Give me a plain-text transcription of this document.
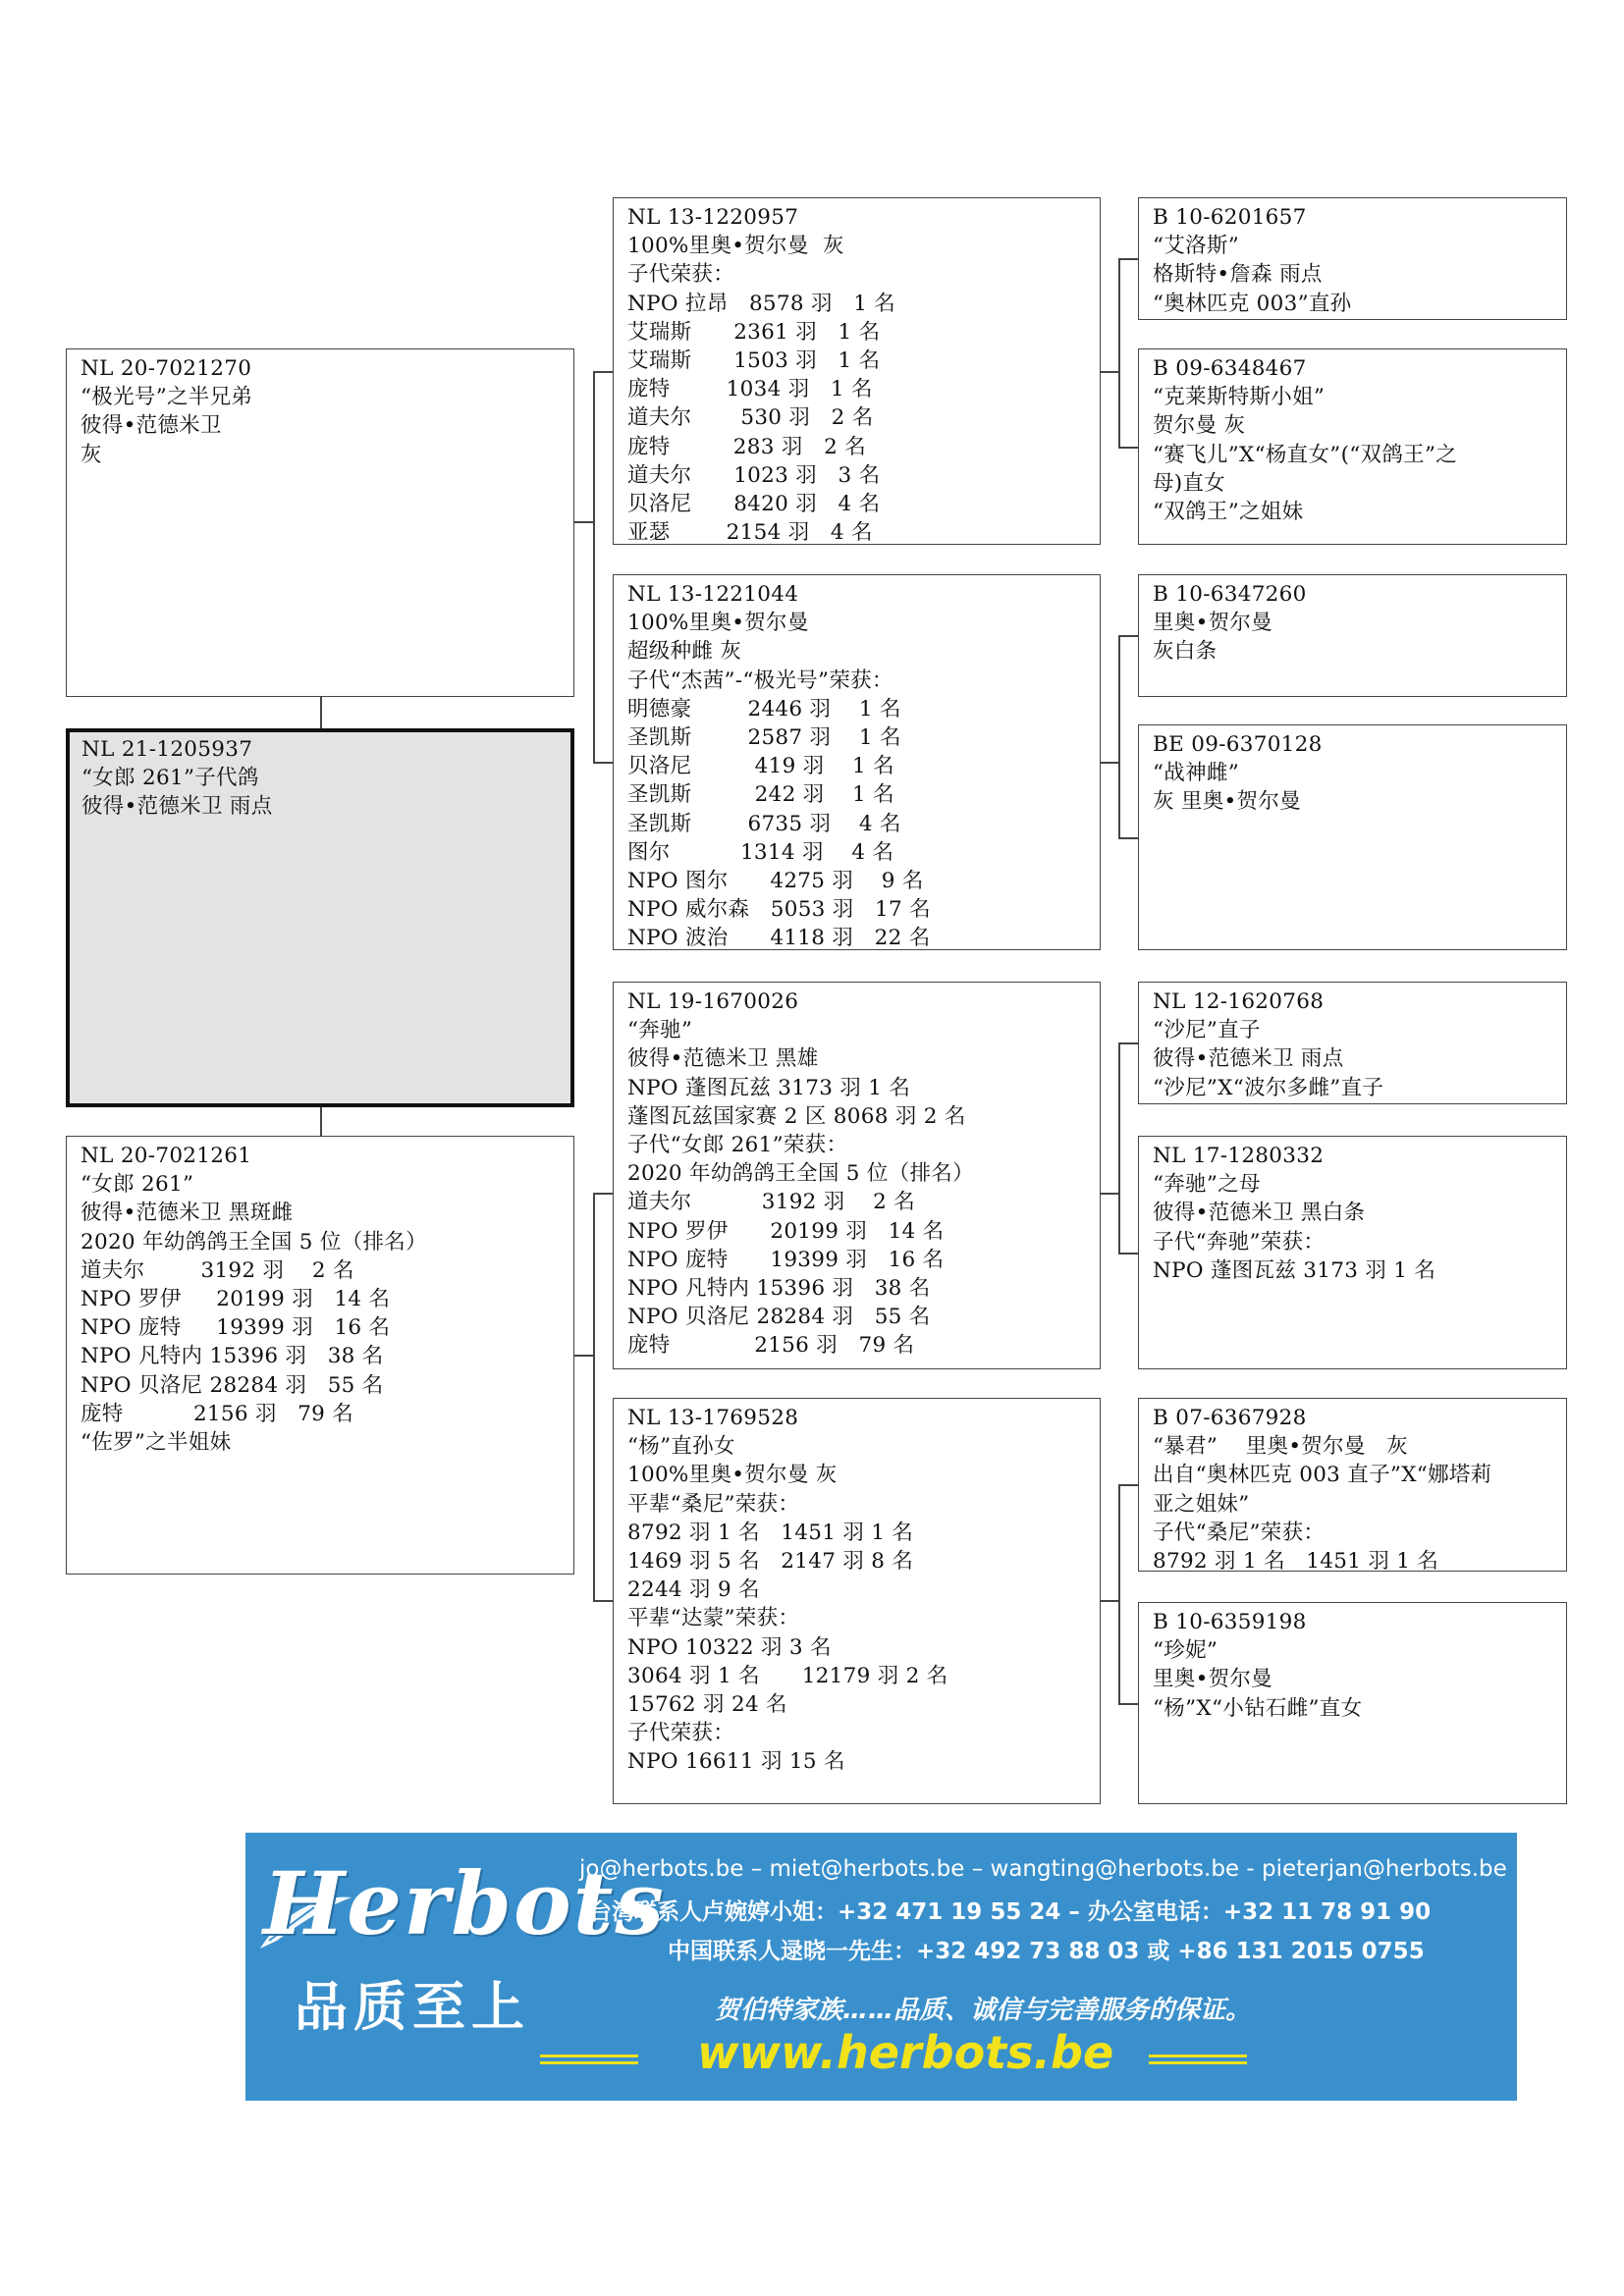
NL 21-1205937
“女郎 261”子代鸽
彼得•范德米卫 雨点
NL 20-7021270
“极光号”之半兄弟
彼得•范德米卫
灰
NL 20-7021261
“女郎 261”
彼得•范德米卫 黑斑雌
2020 年幼鸽鸽王全国 5 位（排名）
道夫尔        3192 羽    2 名
NPO 罗伊     20199 羽   14 名
NPO 庞特     19399 羽   16 名
NPO 凡特内 15396 羽   38 名
NPO 贝洛尼 28284 羽   55 名
庞特          2156 羽   79 名
“佐罗”之半姐妹
NL 13-1220957
100%里奥•贺尔曼  灰
子代荣获：
NPO 拉昂   8578 羽   1 名
艾瑞斯      2361 羽   1 名
艾瑞斯      1503 羽   1 名
庞特        1034 羽   1 名
道夫尔       530 羽   2 名
庞特         283 羽   2 名
道夫尔      1023 羽   3 名
贝洛尼      8420 羽   4 名
亚瑟        2154 羽   4 名
NL 13-1221044
100%里奥•贺尔曼
超级种雌 灰
子代“杰茜”-“极光号”荣获：
明德豪        2446 羽    1 名
圣凯斯        2587 羽    1 名
贝洛尼         419 羽    1 名
圣凯斯         242 羽    1 名
圣凯斯        6735 羽    4 名
图尔          1314 羽    4 名
NPO 图尔      4275 羽    9 名
NPO 威尔森   5053 羽   17 名
NPO 波治      4118 羽   22 名
NL 19-1670026
“奔驰”
彼得•范德米卫 黑雄
NPO 蓬图瓦兹 3173 羽 1 名
蓬图瓦兹国家赛 2 区 8068 羽 2 名
子代“女郎 261”荣获：
2020 年幼鸽鸽王全国 5 位（排名）
道夫尔          3192 羽    2 名
NPO 罗伊      20199 羽   14 名
NPO 庞特      19399 羽   16 名
NPO 凡特内 15396 羽   38 名
NPO 贝洛尼 28284 羽   55 名
庞特            2156 羽   79 名
NL 13-1769528
“杨”直孙女
100%里奥•贺尔曼 灰
平辈“桑尼”荣获：
8792 羽 1 名   1451 羽 1 名
1469 羽 5 名   2147 羽 8 名
2244 羽 9 名
平辈“达蒙”荣获：
NPO 10322 羽 3 名
3064 羽 1 名      12179 羽 2 名
15762 羽 24 名
子代荣获：
NPO 16611 羽 15 名
B 10-6201657
“艾洛斯”
格斯特•詹森 雨点
“奥林匹克 003”直孙
B 09-6348467
“克莱斯特斯小姐”
贺尔曼 灰
“赛飞儿”X“杨直女”(“双鸽王”之
母)直女
“双鸽王”之姐妹
B 10-6347260
里奥•贺尔曼
灰白条
BE 09-6370128
“战神雌”
灰 里奥•贺尔曼
NL 12-1620768
“沙尼”直子
彼得•范德米卫 雨点
“沙尼”X“波尔多雌”直子
NL 17-1280332
“奔驰”之母
彼得•范德米卫 黑白条
子代“奔驰”荣获：
NPO 蓬图瓦兹 3173 羽 1 名
B 07-6367928
“暴君”    里奥•贺尔曼   灰
出自“奥林匹克 003 直子”X“娜塔莉
亚之姐妹”
子代“桑尼”荣获：
8792 羽 1 名   1451 羽 1 名
B 10-6359198
“珍妮”
里奥•贺尔曼
“杨”X“小钻石雌”直女
Herbots
品质至上
jo@herbots.be – miet@herbots.be – wangting@herbots.be - pieterjan@herbots.be
台湾联系人卢婉婷小姐：+32 471 19 55 24 – 办公室电话：+32 11 78 91 90
中国联系人逯晓一先生：+32 492 73 88 03 或 +86 131 2015 0755
贺伯特家族……品质、诚信与完善服务的保证。
www.herbots.be
